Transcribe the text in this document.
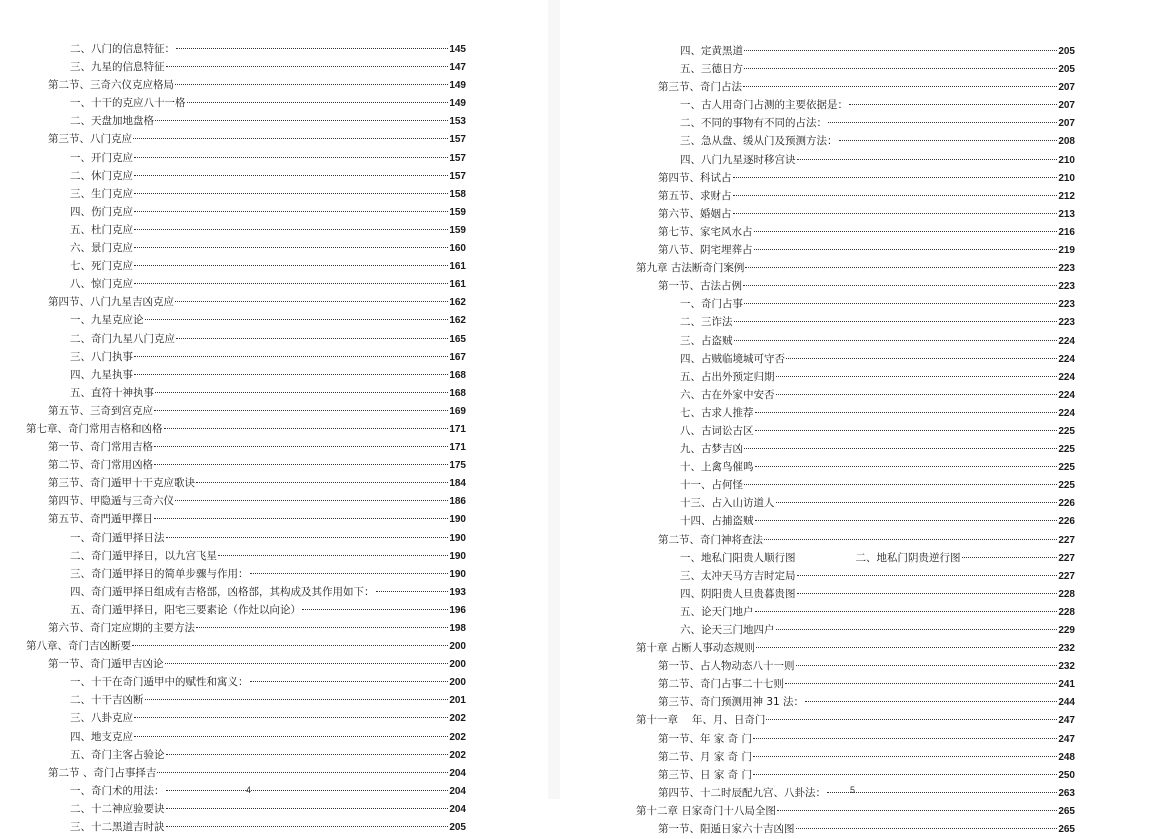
二、八门的信息特征：	145
三、九星的信息特征	147
第二节、三奇六仪克应格局	149
一、十干的克应八十一格	149
二、天盘加地盘格	153
第三节、八门克应	157
一、开门克应	157
二、休门克应	157
三、生门克应	158
四、伤门克应	159
五、杜门克应	159
六、景门克应	160
七、死门克应	161
八、惊门克应	161
第四节、八门九星吉凶克应	162
一、九星克应论	162
二、奇门九星八门克应	165
三、八门执事	167
四、九星执事	168
五、直符十神执事	168
第五节、三奇到宫克应	169
第七章、奇门常用吉格和凶格	171
第一节、奇门常用吉格	171
第二节、奇门常用凶格	175
第三节、奇门遁甲十干克应歌诀	184
第四节、甲隐遁与三奇六仪	186
第五节、奇門遁甲擇日	190
一、奇门遁甲择日法	190
二、奇门遁甲择日，以九宫飞星	190
三、奇门遁甲择日的简单步骤与作用：	190
四、奇门遁甲择日组成有吉格部，凶格部，其构成及其作用如下：	193
五、奇门遁甲择日，阳宅三要素论（作灶以向论）	196
第六节、奇门定应期的主要方法	198
第八章、奇门吉凶断要	200
第一节、奇门遁甲吉凶论	200
一、十干在奇门遁甲中的赋性和寓义：	200
二、十干吉凶断	201
三、八卦克应	202
四、地支克应	202
五、奇门主客占验论	202
第二节 、奇门占事择吉	204
一、奇门术的用法：	204
二、十二神应验要诀	204
三、十二黑道吉时訣	205
4
四、定黄黑道	205
五、三德日方	205
第三节、奇门占法	207
一、古人用奇门占测的主要依据是：	207
二、不同的事物有不同的占法：	207
三、急从盘、缓从门及预测方法：	208
四、八门九星逐时移宫诀	210
第四节、科试占	210
第五节、求财占	212
第六节、婚姻占	213
第七节、家宅风水占	216
第八节、阴宅埋葬占	219
第九章 古法断奇门案例	223
第一节、古法占例	223
一、奇门占事	223
二、三诈法	223
三、占盗贼	224
四、占贼临境城可守否	224
五、占出外预定归期	224
六、古在外家中安否	224
七、古求人推荐	224
八、古词讼古区	225
九、古梦吉凶	225
十、上禽鸟催鸣	225
十一、占何怪	225
十三、占入山访道人	226
十四、占捕盗贼	226
第二节、奇门神将查法	227
一、地私门阳贵人顺行图	二、地私门阴贵逆行图	227
三、太冲天马方吉时定局	227
四、阴阳贵人旦贵暮贵图	228
五、论天门地户	228
六、论天三门地四户	229
第十章 占断人事动态规则	232
第一节、占人物动态八十一则	232
第二节、奇门占事二十七则	241
第三节、奇门预测用神 31 法：	244
第十一章　 年、月、日奇门	247
第一节、年 家 奇 门	247
第二节、月 家 奇 门	248
第三节、日 家 奇 门	250
第四节、十二时辰配九宫、八卦法：	263
第十二章 日家奇门十八局全图	265
第一节、阳遁日家六十吉凶图	265
5
